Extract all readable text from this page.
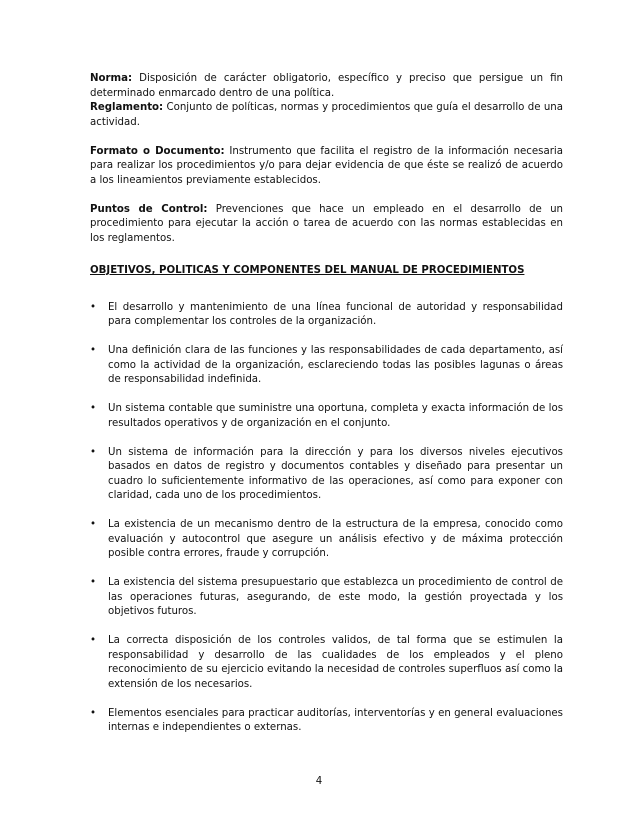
Norma: Disposición de carácter obligatorio, específico y preciso que persigue un fin determinado enmarcado dentro de una política.
Reglamento: Conjunto de políticas, normas y procedimientos que guía el desarrollo de una actividad.
Formato o Documento: Instrumento que facilita el registro de la información necesaria para realizar los procedimientos y/o para dejar evidencia de que éste se realizó de acuerdo a los lineamientos previamente establecidos.
Puntos de Control: Prevenciones que hace un empleado en el desarrollo de un procedimiento para ejecutar la acción o tarea de acuerdo con las normas establecidas en los reglamentos.
OBJETIVOS, POLITICAS Y COMPONENTES DEL MANUAL DE PROCEDIMIENTOS
• El desarrollo y mantenimiento de una línea funcional de autoridad y responsabilidad para complementar los controles de la organización.
• Una definición clara de las funciones y las responsabilidades de cada departamento, así como la actividad de la organización, esclareciendo todas las posibles lagunas o áreas de responsabilidad indefinida.
• Un sistema contable que suministre una oportuna, completa y exacta información de los resultados operativos y de organización en el conjunto.
• Un sistema de información para la dirección y para los diversos niveles ejecutivos basados en datos de registro y documentos contables y diseñado para presentar un cuadro lo suficientemente informativo de las operaciones, así como para exponer con claridad, cada uno de los procedimientos.
• La existencia de un mecanismo dentro de la estructura de la empresa, conocido como evaluación y autocontrol que asegure un análisis efectivo y de máxima protección posible contra errores, fraude y corrupción.
• La existencia del sistema presupuestario que establezca un procedimiento de control de las operaciones futuras, asegurando, de este modo, la gestión proyectada y los objetivos futuros.
• La correcta disposición de los controles validos, de tal forma que se estimulen la responsabilidad y desarrollo de las cualidades de los empleados y el pleno reconocimiento de su ejercicio evitando la necesidad de controles superfluos así como la extensión de los necesarios.
• Elementos esenciales para practicar auditorías, interventorías y en general evaluaciones internas e independientes o externas.
4
